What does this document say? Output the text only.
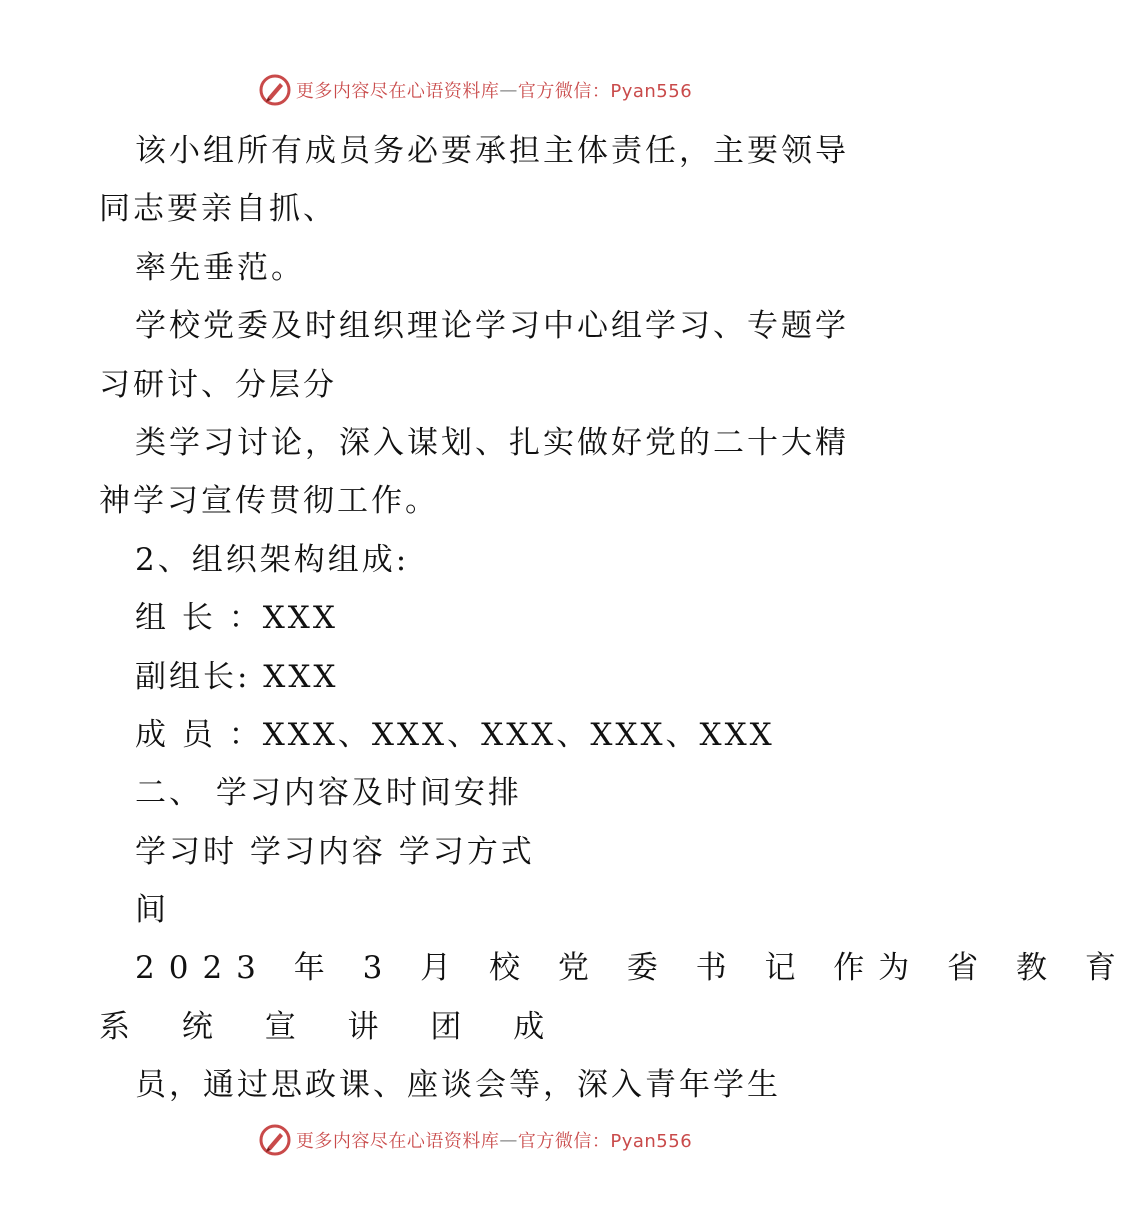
更多内容尽在心语资料库 — 官方微信：Pyan556
该小组所有成员务必要承担主体责任，主要领导
同志要亲自抓、
率先垂范。
学校党委及时组织理论学习中心组学习、专题学
习研讨、分层分
类学习讨论，深入谋划、扎实做好党的二十大精
神学习宣传贯彻工作。
2、组织架构组成:
组 长 ：XXX
副组长: XXX
成 员 ：XXX、XXX、XXX、XXX、XXX
二、 学习内容及时间安排
学习时 学习内容 学习方式
间
2023 年 3 月 校 党 委 书 记 作为 省 教 育
系 统 宣 讲 团 成
员，通过思政课、座谈会等，深入青年学生
更多内容尽在心语资料库 — 官方微信：Pyan556
